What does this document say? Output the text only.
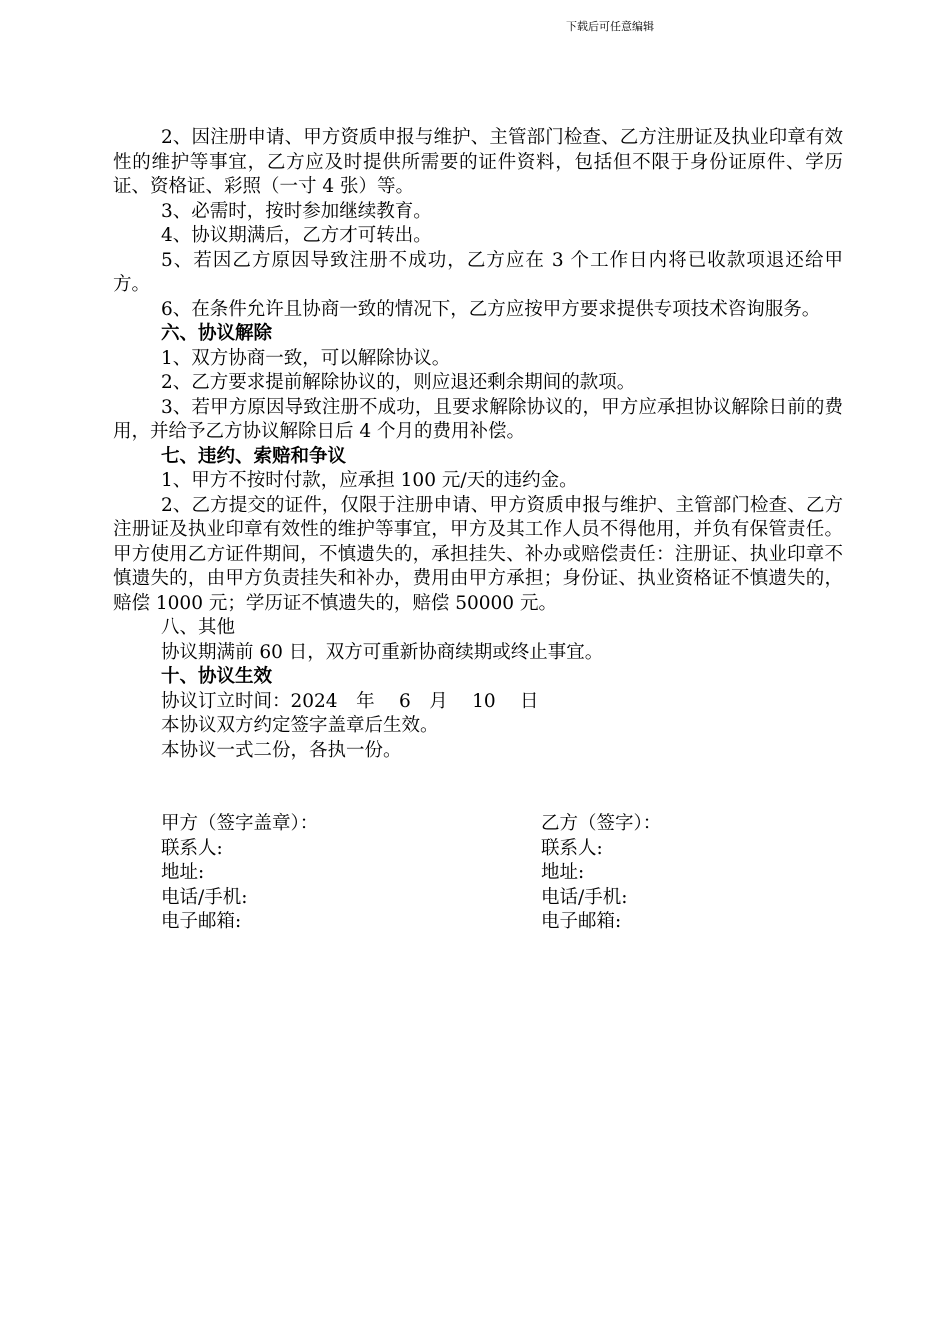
下载后可任意编辑

2、因注册申请、甲方资质申报与维护、主管部门检查、乙方注册证及执业印章有效性的维护等事宜，乙方应及时提供所需要的证件资料，包括但不限于身份证原件、学历证、资格证、彩照（一寸 4 张）等。

3、必需时，按时参加继续教育。

4、协议期满后，乙方才可转出。

5、若因乙方原因导致注册不成功，乙方应在 3 个工作日内将已收款项退还给甲方。

6、在条件允许且协商一致的情况下，乙方应按甲方要求提供专项技术咨询服务。

六、协议解除

1、双方协商一致，可以解除协议。

2、乙方要求提前解除协议的，则应退还剩余期间的款项。

3、若甲方原因导致注册不成功，且要求解除协议的，甲方应承担协议解除日前的费用，并给予乙方协议解除日后 4 个月的费用补偿。

七、违约、索赔和争议

1、甲方不按时付款，应承担 100 元/天的违约金。

2、乙方提交的证件，仅限于注册申请、甲方资质申报与维护、主管部门检查、乙方注册证及执业印章有效性的维护等事宜，甲方及其工作人员不得他用，并负有保管责任。甲方使用乙方证件期间，不慎遗失的，承担挂失、补办或赔偿责任：注册证、执业印章不慎遗失的，由甲方负责挂失和补办，费用由甲方承担；身份证、执业资格证不慎遗失的，赔偿 1000 元；学历证不慎遗失的，赔偿 50000 元。

八、其他

协议期满前 60 日，双方可重新协商续期或终止事宜。

十、协议生效

协议订立时间：2024　年　 6　月　 10　 日

本协议双方约定签字盖章后生效。

本协议一式二份，各执一份。

甲方（签字盖章）：	乙方（签字）：
联系人:	联系人:
地址:	地址:
电话/手机:	电话/手机:
电子邮箱:	电子邮箱:
